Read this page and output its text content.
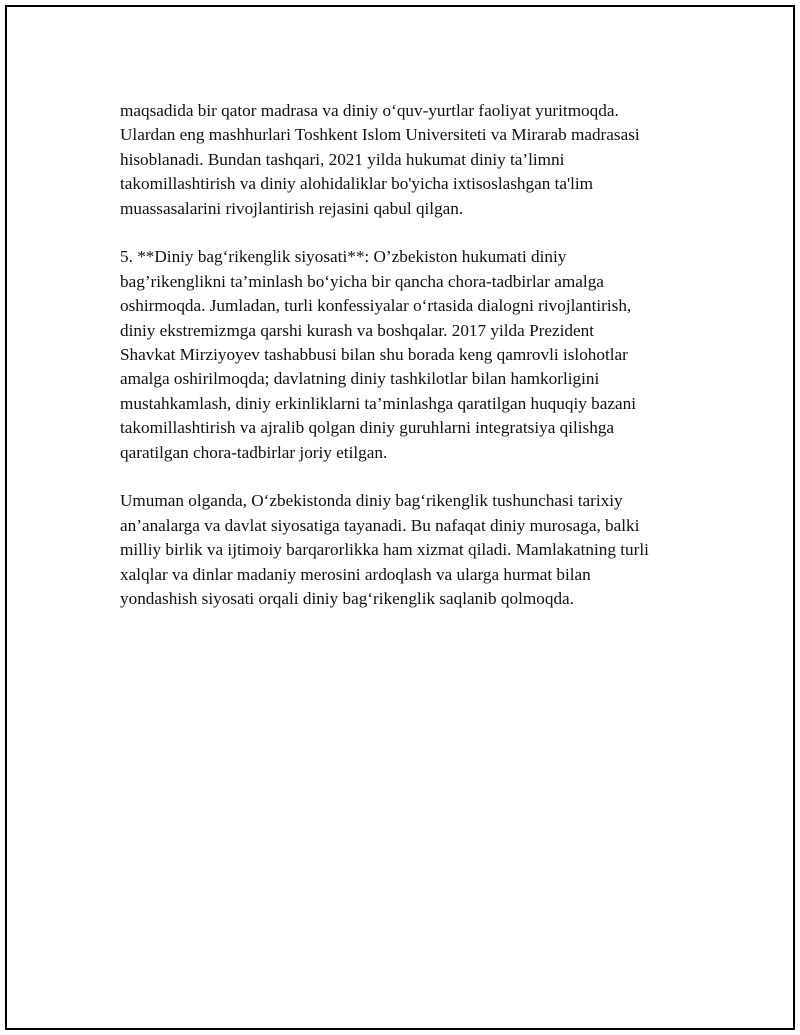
maqsadida bir qator madrasa va diniy o‘quv-yurtlar faoliyat yuritmoqda.
Ulardan eng mashhurlari Toshkent Islom Universiteti va Mirarab madrasasi
hisoblanadi. Bundan tashqari, 2021 yilda hukumat diniy ta’limni
takomillashtirish va diniy alohidaliklar bo'yicha ixtisoslashgan ta'lim
muassasalarini rivojlantirish rejasini qabul qilgan.

5. **Diniy bag‘rikenglik siyosati**: O’zbekiston hukumati diniy
bag’rikenglikni ta’minlash bo‘yicha bir qancha chora-tadbirlar amalga
oshirmoqda. Jumladan, turli konfessiyalar o‘rtasida dialogni rivojlantirish,
diniy ekstremizmga qarshi kurash va boshqalar. 2017 yilda Prezident
Shavkat Mirziyoyev tashabbusi bilan shu borada keng qamrovli islohotlar
amalga oshirilmoqda; davlatning diniy tashkilotlar bilan hamkorligini
mustahkamlash, diniy erkinliklarni ta’minlashga qaratilgan huquqiy bazani
takomillashtirish va ajralib qolgan diniy guruhlarni integratsiya qilishga
qaratilgan chora-tadbirlar joriy etilgan.

Umuman olganda, O‘zbekistonda diniy bag‘rikenglik tushunchasi tarixiy
an’analarga va davlat siyosatiga tayanadi. Bu nafaqat diniy murosaga, balki
milliy birlik va ijtimoiy barqarorlikka ham xizmat qiladi. Mamlakatning turli
xalqlar va dinlar madaniy merosini ardoqlash va ularga hurmat bilan
yondashish siyosati orqali diniy bag‘rikenglik saqlanib qolmoqda.
